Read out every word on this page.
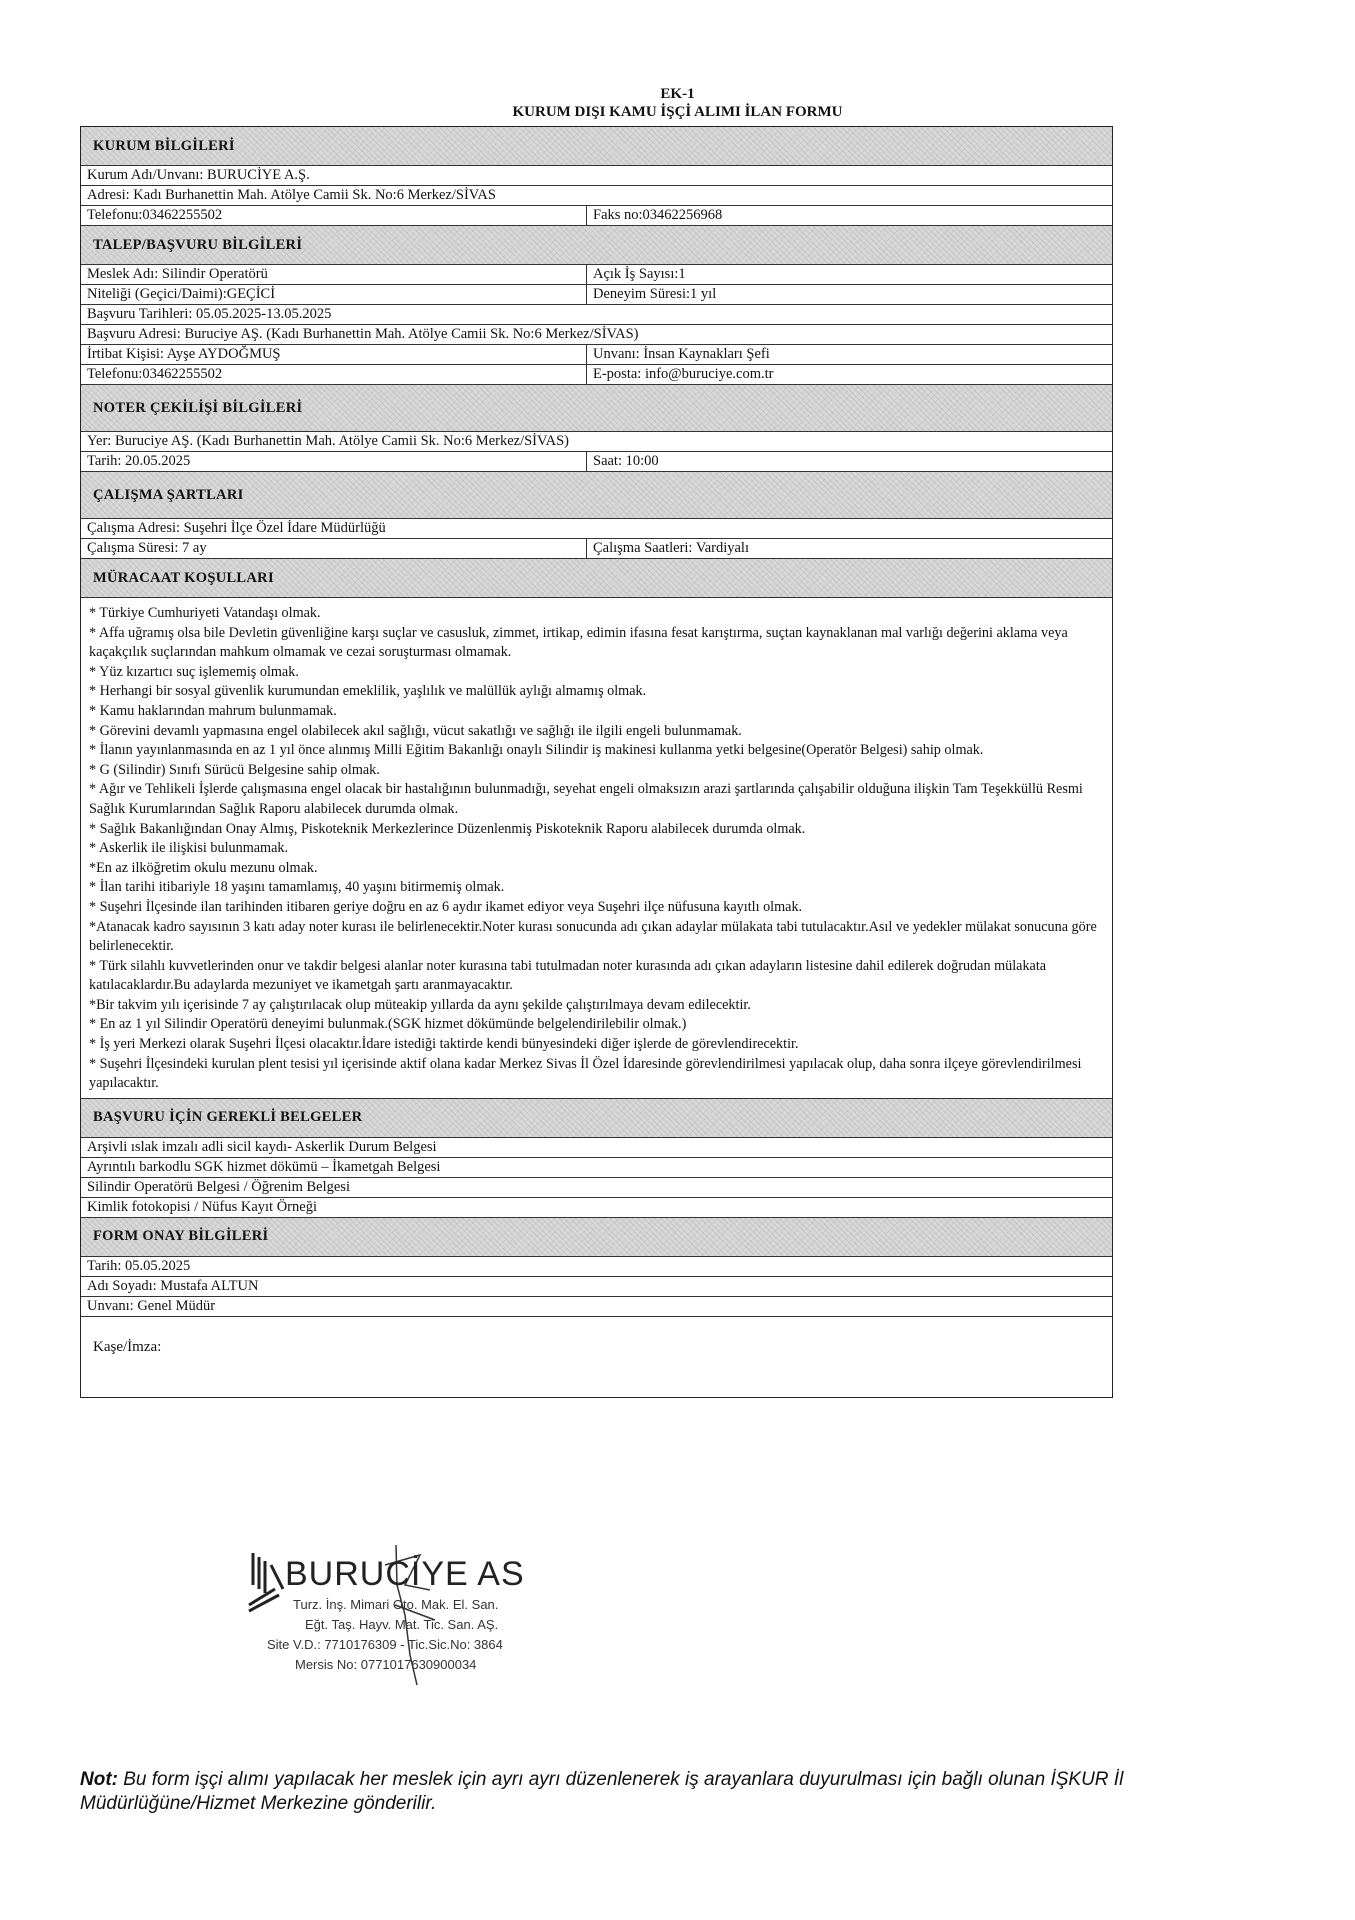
EK-1
KURUM DIŞI KAMU İŞÇİ ALIMI İLAN FORMU
KURUM BİLGİLERİ
Kurum Adı/Unvanı: BURUCİYE A.Ş.
Adresi: Kadı Burhanettin Mah. Atölye Camii Sk. No:6 Merkez/SİVAS
Telefonu:03462255502	Faks no:03462256968
TALEP/BAŞVURU BİLGİLERİ
Meslek Adı: Silindir Operatörü	Açık İş Sayısı:1
Niteliği (Geçici/Daimi):GEÇİCİ	Deneyim Süresi:1 yıl
Başvuru Tarihleri: 05.05.2025-13.05.2025
Başvuru Adresi: Buruciye AŞ. (Kadı Burhanettin Mah. Atölye Camii Sk. No:6 Merkez/SİVAS)
İrtibat Kişisi: Ayşe AYDOĞMUŞ	Unvanı: İnsan Kaynakları Şefi
Telefonu:03462255502	E-posta: info@buruciye.com.tr
NOTER ÇEKİLİŞİ BİLGİLERİ
Yer: Buruciye AŞ. (Kadı Burhanettin Mah. Atölye Camii Sk. No:6 Merkez/SİVAS)
Tarih: 20.05.2025	Saat: 10:00
ÇALIŞMA ŞARTLARI
Çalışma Adresi: Suşehri İlçe Özel İdare Müdürlüğü
Çalışma Süresi: 7 ay	Çalışma Saatleri: Vardiyalı
MÜRACAAT KOŞULLARI
* Türkiye Cumhuriyeti Vatandaşı olmak.
* Affa uğramış olsa bile Devletin güvenliğine karşı suçlar ve casusluk, zimmet, irtikap, edimin ifasına fesat karıştırma, suçtan kaynaklanan mal varlığı değerini aklama veya kaçakçılık suçlarından mahkum olmamak ve cezai soruşturması olmamak.
* Yüz kızartıcı suç işlememiş olmak.
* Herhangi bir sosyal güvenlik kurumundan emeklilik, yaşlılık ve malüllük aylığı almamış olmak.
* Kamu haklarından mahrum bulunmamak.
* Görevini devamlı yapmasına engel olabilecek akıl sağlığı, vücut sakatlığı ve sağlığı ile ilgili engeli bulunmamak.
* İlanın yayınlanmasında en az 1 yıl önce alınmış Milli Eğitim Bakanlığı onaylı Silindir iş makinesi kullanma yetki belgesine(Operatör Belgesi) sahip olmak.
* G (Silindir) Sınıfı Sürücü Belgesine sahip olmak.
* Ağır ve Tehlikeli İşlerde çalışmasına engel olacak bir hastalığının bulunmadığı, seyehat engeli olmaksızın arazi şartlarında çalışabilir olduğuna ilişkin Tam Teşekküllü Resmi Sağlık Kurumlarından Sağlık Raporu alabilecek durumda olmak.
* Sağlık Bakanlığından Onay Almış, Piskoteknik Merkezlerince Düzenlenmiş Piskoteknik Raporu alabilecek durumda olmak.
* Askerlik ile ilişkisi bulunmamak.
*En az ilköğretim okulu mezunu olmak.
* İlan tarihi itibariyle 18 yaşını tamamlamış, 40 yaşını bitirmemiş olmak.
* Suşehri İlçesinde ilan tarihinden itibaren geriye doğru en az 6 aydır ikamet ediyor veya Suşehri ilçe nüfusuna kayıtlı olmak.
*Atanacak kadro sayısının 3 katı aday noter kurası ile belirlenecektir.Noter kurası sonucunda adı çıkan adaylar mülakata tabi tutulacaktır.Asıl ve yedekler mülakat sonucuna göre belirlenecektir.
* Türk silahlı kuvvetlerinden onur ve takdir belgesi alanlar noter kurasına tabi tutulmadan noter kurasında adı çıkan adayların listesine dahil edilerek doğrudan mülakata katılacaklardır.Bu adaylarda mezuniyet ve ikametgah şartı aranmayacaktır.
*Bir takvim yılı içerisinde 7 ay çalıştırılacak olup müteakip yıllarda da aynı şekilde çalıştırılmaya devam edilecektir.
* En az 1 yıl Silindir Operatörü deneyimi bulunmak.(SGK hizmet dökümünde belgelendirilebilir olmak.)
* İş yeri Merkezi olarak Suşehri İlçesi olacaktır.İdare istediği taktirde kendi bünyesindeki diğer işlerde de görevlendirecektir.
* Suşehri İlçesindeki kurulan plent tesisi yıl içerisinde aktif olana kadar Merkez Sivas İl Özel İdaresinde görevlendirilmesi yapılacak olup, daha sonra ilçeye görevlendirilmesi yapılacaktır.
BAŞVURU İÇİN GEREKLİ BELGELER
Arşivli ıslak imzalı adli sicil kaydı- Askerlik Durum Belgesi
Ayrıntılı barkodlu SGK hizmet dökümü – İkametgah Belgesi
Silindir Operatörü Belgesi / Öğrenim Belgesi
Kimlik fotokopisi / Nüfus Kayıt Örneği
FORM ONAY BİLGİLERİ
Tarih: 05.05.2025
Adı Soyadı: Mustafa ALTUN
Unvanı: Genel Müdür
Kaşe/İmza:
BURUCİYE AS
Turz. İnş. Mimari Oto. Mak. El. San.
Eğt. Taş. Hayv. Mat. Tic. San. AŞ.
Site V.D.: 7710176309 - Tic.Sic.No: 3864
Mersis No: 0771017630900034
Not: Bu form işçi alımı yapılacak her meslek için ayrı ayrı düzenlenerek iş arayanlara duyurulması için bağlı olunan İŞKUR İl Müdürlüğüne/Hizmet Merkezine gönderilir.
